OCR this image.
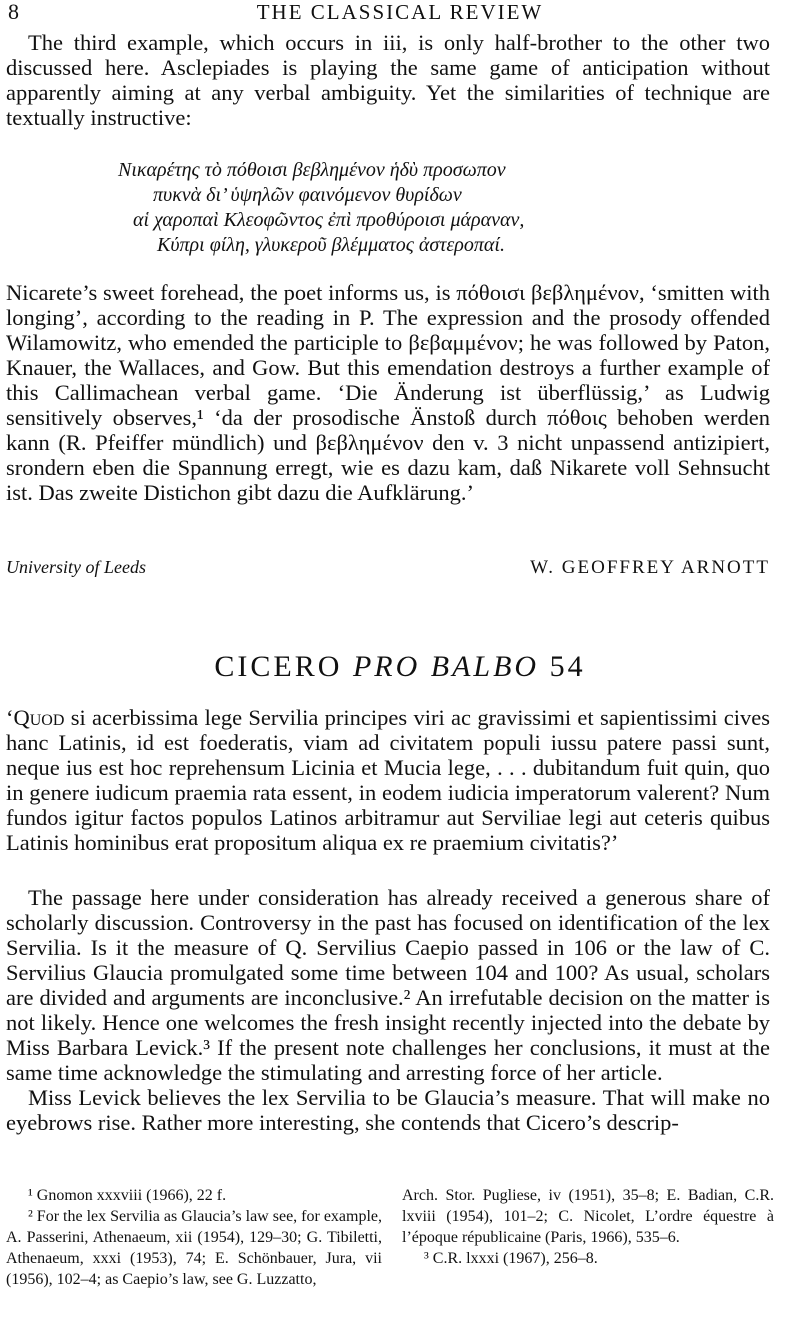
8	THE CLASSICAL REVIEW

The third example, which occurs in iii, is only half-brother to the other two discussed here. Asclepiades is playing the same game of anticipation without apparently aiming at any verbal ambiguity. Yet the similarities of technique are textually instructive:

Νικαρέτης τὸ πόθοισι βεβλημένον ἡδὺ προσωπον
πυκνὰ δι’ ὑψηλῶν φαινόμενον θυρίδων
αἱ χαροπαὶ Κλεοφῶντος ἐπὶ προθύροισι μάραναν,
Κύπρι φίλη, γλυκεροῦ βλέμματος ἀστεροπαί.

Nicarete’s sweet forehead, the poet informs us, is πόθοισι βεβλημένον, ‘smitten with longing’, according to the reading in P. The expression and the prosody offended Wilamowitz, who emended the participle to βεβαμμένον; he was followed by Paton, Knauer, the Wallaces, and Gow. But this emendation destroys a further example of this Callimachean verbal game. ‘Die Änderung ist überflüssig,’ as Ludwig sensitively observes,¹ ‘da der prosodische Änstoß durch πόθοις behoben werden kann (R. Pfeiffer mündlich) und βεβλημένον den v. 3 nicht unpassend antizipiert, srondern eben die Spannung erregt, wie es dazu kam, daß Nikarete voll Sehnsucht ist. Das zweite Distichon gibt dazu die Aufklärung.’

University of Leeds	W. GEOFFREY ARNOTT
CICERO PRO BALBO 54

‘Quod si acerbissima lege Servilia principes viri ac gravissimi et sapientissimi cives hanc Latinis, id est foederatis, viam ad civitatem populi iussu patere passi sunt, neque ius est hoc reprehensum Licinia et Mucia lege, . . . dubitandum fuit quin, quo in genere iudicum praemia rata essent, in eodem iudicia imperatorum valerent? Num fundos igitur factos populos Latinos arbitramur aut Serviliae legi aut ceteris quibus Latinis hominibus erat propositum aliqua ex re praemium civitatis?’

The passage here under consideration has already received a generous share of scholarly discussion. Controversy in the past has focused on identification of the lex Servilia. Is it the measure of Q. Servilius Caepio passed in 106 or the law of C. Servilius Glaucia promulgated some time between 104 and 100? As usual, scholars are divided and arguments are inconclusive.² An irrefutable decision on the matter is not likely. Hence one welcomes the fresh insight recently injected into the debate by Miss Barbara Levick.³ If the present note challenges her conclusions, it must at the same time acknowledge the stimulating and arresting force of her article.

Miss Levick believes the lex Servilia to be Glaucia’s measure. That will make no eyebrows rise. Rather more interesting, she contends that Cicero’s descrip-

¹ Gnomon xxxviii (1966), 22 f.

² For the lex Servilia as Glaucia’s law see, for example, A. Passerini, Athenaeum, xii (1954), 129–30; G. Tibiletti, Athenaeum, xxxi (1953), 74; E. Schönbauer, Jura, vii (1956), 102–4; as Caepio’s law, see G. Luzzatto,

Arch. Stor. Pugliese, iv (1951), 35–8; E. Badian, C.R. lxviii (1954), 101–2; C. Nicolet, L’ordre équestre à l’époque républicaine (Paris, 1966), 535–6.

³ C.R. lxxxi (1967), 256–8.
